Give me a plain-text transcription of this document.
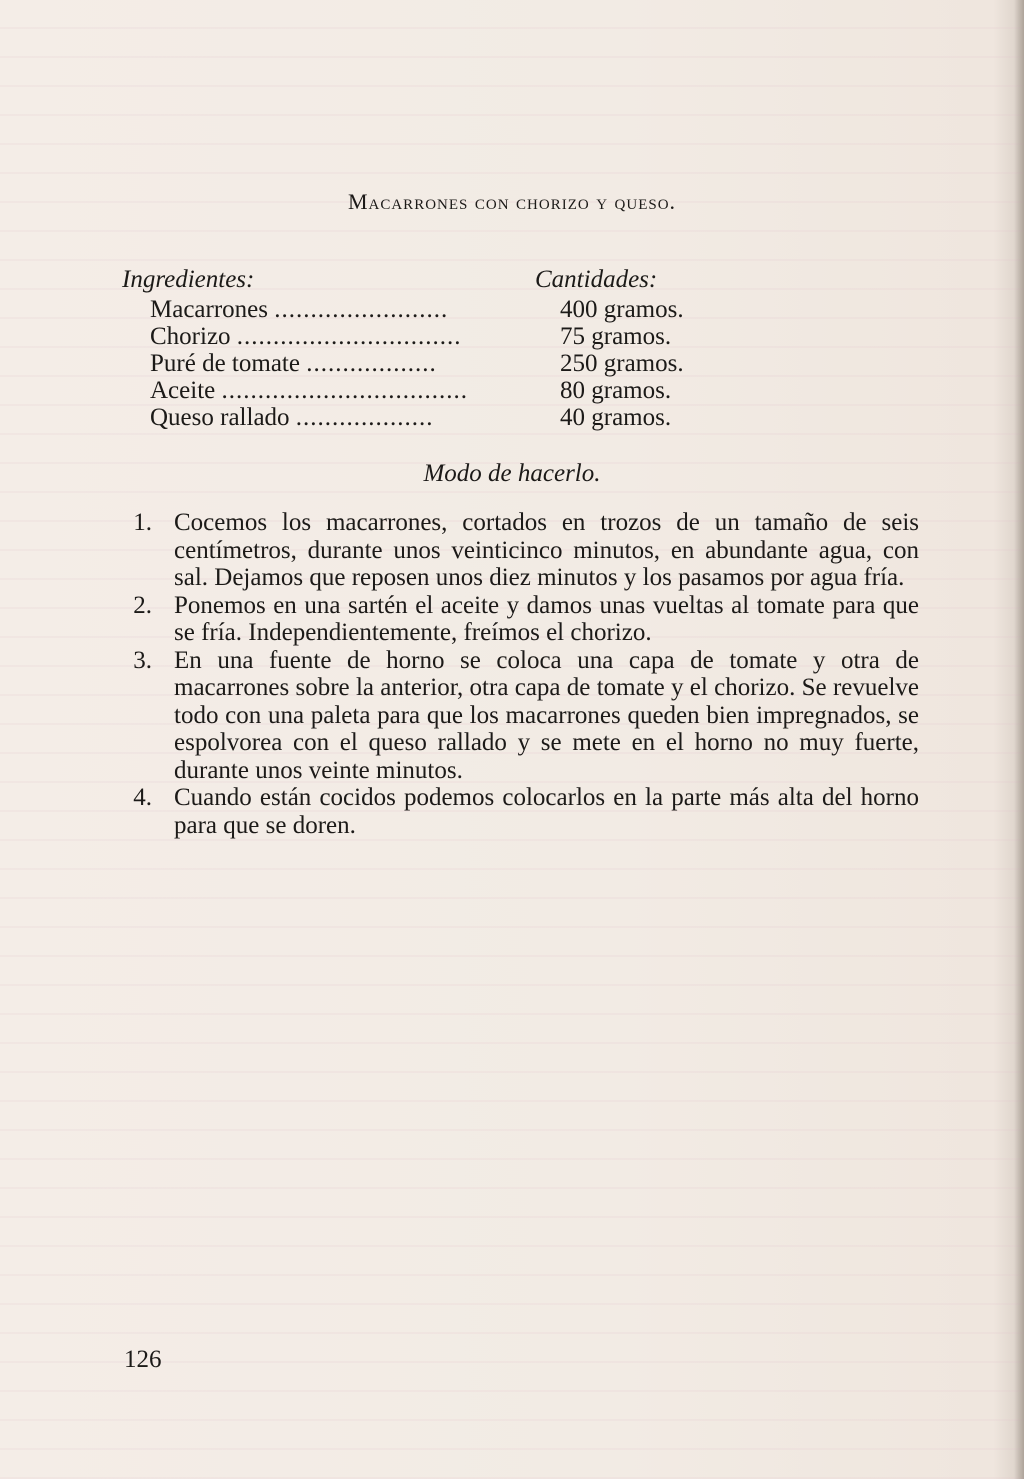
Macarrones con chorizo y queso.

Ingredientes:	Cantidades:

Macarrones ........................	400 gramos.
Chorizo ...............................	75 gramos.
Puré de tomate ..................	250 gramos.
Aceite ..................................	80 gramos.
Queso rallado ...................	40 gramos.
Modo de hacerlo.
1. Cocemos los macarrones, cortados en trozos de un tamaño de seis centímetros, durante unos veinticinco minutos, en abundante agua, con sal. Dejamos que reposen unos diez minutos y los pasamos por agua fría.
2. Ponemos en una sartén el aceite y damos unas vueltas al tomate para que se fría. Independientemente, freímos el chorizo.
3. En una fuente de horno se coloca una capa de tomate y otra de macarrones sobre la anterior, otra capa de tomate y el chorizo. Se revuelve todo con una paleta para que los macarrones queden bien impregnados, se espolvorea con el queso rallado y se mete en el horno no muy fuerte, durante unos veinte minutos.
4. Cuando están cocidos podemos colocarlos en la parte más alta del horno para que se doren.

126
